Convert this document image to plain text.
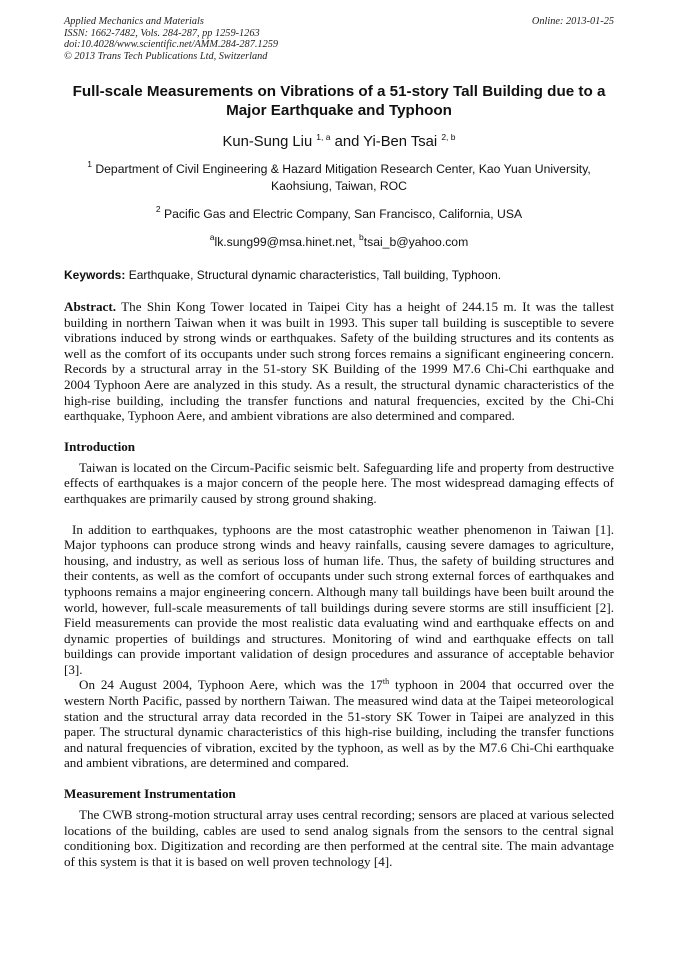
Applied Mechanics and Materials
ISSN: 1662-7482, Vols. 284-287, pp 1259-1263
doi:10.4028/www.scientific.net/AMM.284-287.1259
© 2013 Trans Tech Publications Ltd, Switzerland
Online: 2013-01-25
Full-scale Measurements on Vibrations of a 51-story Tall Building due to a Major Earthquake and Typhoon
Kun-Sung Liu $^{1, a}$ and Yi-Ben Tsai $^{2, b}$
$^1$ Department of Civil Engineering & Hazard Mitigation Research Center, Kao Yuan University, Kaohsiung, Taiwan, ROC
$^2$ Pacific Gas and Electric Company, San Francisco, California, USA
$^a$lk.sung99@msa.hinet.net, $^b$tsai_b@yahoo.com
Keywords: Earthquake, Structural dynamic characteristics, Tall building, Typhoon.

Abstract. The Shin Kong Tower located in Taipei City has a height of 244.15 m. It was the tallest building in northern Taiwan when it was built in 1993. This super tall building is susceptible to severe vibrations induced by strong winds or earthquakes. Safety of the building structures and its contents as well as the comfort of its occupants under such strong forces remains a significant engineering concern. Records by a structural array in the 51-story SK Building of the 1999 M7.6 Chi-Chi earthquake and 2004 Typhoon Aere are analyzed in this study. As a result, the structural dynamic characteristics of the high-rise building, including the transfer functions and natural frequencies, excited by the Chi-Chi earthquake, Typhoon Aere, and ambient vibrations are also determined and compared.

Introduction

Taiwan is located on the Circum-Pacific seismic belt. Safeguarding life and property from destructive effects of earthquakes is a major concern of the people here. The most widespread damaging effects of earthquakes are primarily caused by strong ground shaking.

In addition to earthquakes, typhoons are the most catastrophic weather phenomenon in Taiwan [1]. Major typhoons can produce strong winds and heavy rainfalls, causing severe damages to agriculture, housing, and industry, as well as serious loss of human life. Thus, the safety of building structures and their contents, as well as the comfort of occupants under such strong external forces of earthquakes and typhoons remains a major engineering concern. Although many tall buildings have been built around the world, however, full-scale measurements of tall buildings during severe storms are still insufficient [2]. Field measurements can provide the most realistic data evaluating wind and earthquake effects on and dynamic properties of buildings and structures. Monitoring of wind and earthquake effects on tall buildings can provide important validation of design procedures and assurance of acceptable behavior [3].

On 24 August 2004, Typhoon Aere, which was the 17th typhoon in 2004 that occurred over the western North Pacific, passed by northern Taiwan. The measured wind data at the Taipei meteorological station and the structural array data recorded in the 51-story SK Tower in Taipei are analyzed in this paper. The structural dynamic characteristics of this high-rise building, including the transfer functions and natural frequencies of vibration, excited by the typhoon, as well as by the M7.6 Chi-Chi earthquake and ambient vibrations, are determined and compared.

Measurement Instrumentation

The CWB strong-motion structural array uses central recording; sensors are placed at various selected locations of the building, cables are used to send analog signals from the sensors to the central signal conditioning box. Digitization and recording are then performed at the central site. The main advantage of this system is that it is based on well proven technology [4].
